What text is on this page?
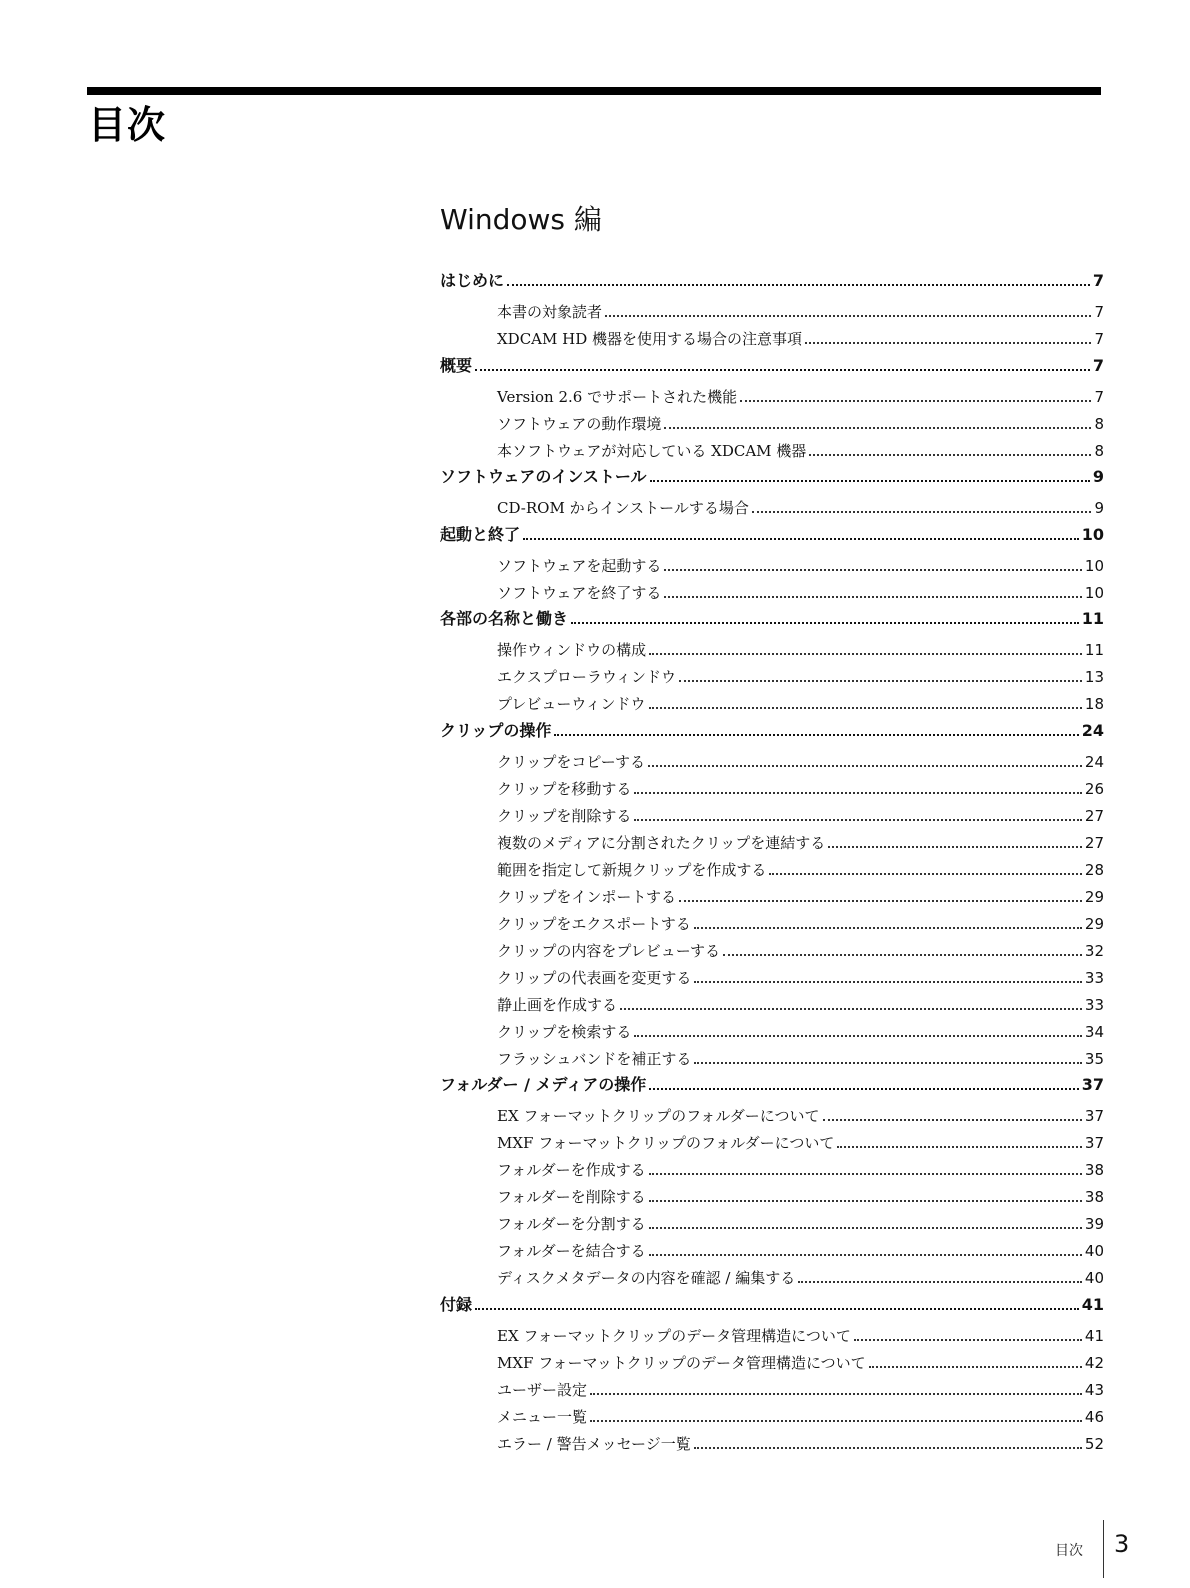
目次
Windows 編
はじめに	7
本書の対象読者	7
XDCAM HD 機器を使用する場合の注意事項	7
概要	7
Version 2.6 でサポートされた機能	7
ソフトウェアの動作環境	8
本ソフトウェアが対応している XDCAM 機器	8
ソフトウェアのインストール	9
CD-ROM からインストールする場合	9
起動と終了	10
ソフトウェアを起動する	10
ソフトウェアを終了する	10
各部の名称と働き	11
操作ウィンドウの構成	11
エクスプローラウィンドウ	13
プレビューウィンドウ	18
クリップの操作	24
クリップをコピーする	24
クリップを移動する	26
クリップを削除する	27
複数のメディアに分割されたクリップを連結する	27
範囲を指定して新規クリップを作成する	28
クリップをインポートする	29
クリップをエクスポートする	29
クリップの内容をプレビューする	32
クリップの代表画を変更する	33
静止画を作成する	33
クリップを検索する	34
フラッシュバンドを補正する	35
フォルダー / メディアの操作	37
EX フォーマットクリップのフォルダーについて	37
MXF フォーマットクリップのフォルダーについて	37
フォルダーを作成する	38
フォルダーを削除する	38
フォルダーを分割する	39
フォルダーを結合する	40
ディスクメタデータの内容を確認 / 編集する	40
付録	41
EX フォーマットクリップのデータ管理構造について	41
MXF フォーマットクリップのデータ管理構造について	42
ユーザー設定	43
メニュー一覧	46
エラー / 警告メッセージ一覧	52
目次 3
